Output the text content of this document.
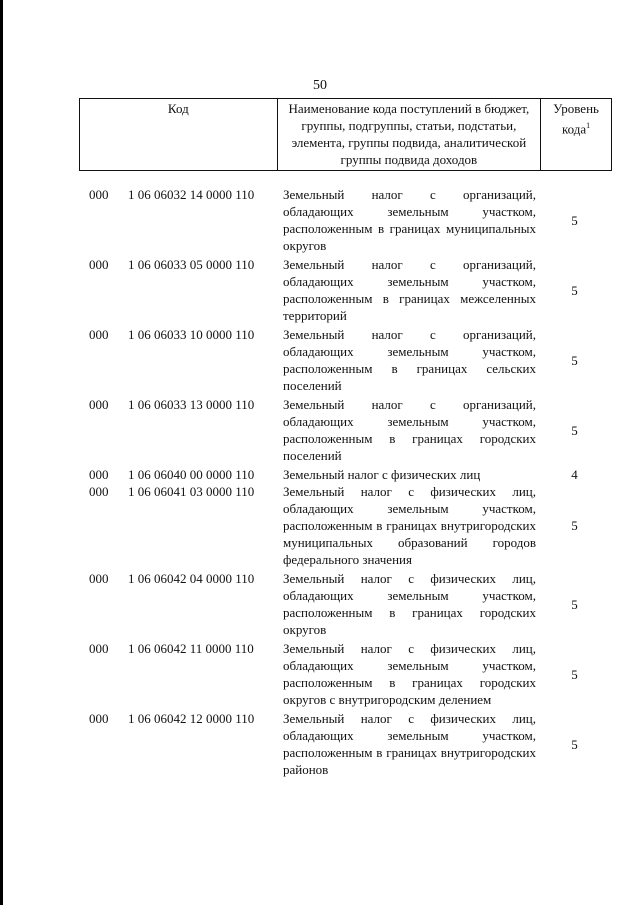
50
Код	Наименование кода поступлений в бюджет, группы, подгруппы, статьи, подстатьи, элемента, группы подвида, аналитической группы подвида доходов
Уровень кода$^1$
000 1 06 06032 14 0000 110 Земельный налог с организаций, обладающих земельным участком, расположенным в границах муниципальных округов
5
000 1 06 06033 05 0000 110 Земельный налог с организаций, обладающих земельным участком, расположенным в границах межселенных территорий
5
000 1 06 06033 10 0000 110 Земельный налог с организаций, обладающих земельным участком, расположенным в границах сельских поселений
5
000 1 06 06033 13 0000 110 Земельный налог с организаций, обладающих земельным участком, расположенным в границах городских поселений
5
000 1 06 06040 00 0000 110 Земельный налог с физических лиц	4
000 1 06 06041 03 0000 110 Земельный налог с физических лиц, обладающих земельным участком, расположенным в границах внутригородских муниципальных образований городов федерального значения
5
000 1 06 06042 04 0000 110 Земельный налог с физических лиц, обладающих земельным участком, расположенным в границах городских округов
5
000 1 06 06042 11 0000 110 Земельный налог с физических лиц, обладающих земельным участком, расположенным в границах городских округов с внутригородским делением
5
000 1 06 06042 12 0000 110 Земельный налог с физических лиц, обладающих земельным участком, расположенным в границах внутригородских районов
5
